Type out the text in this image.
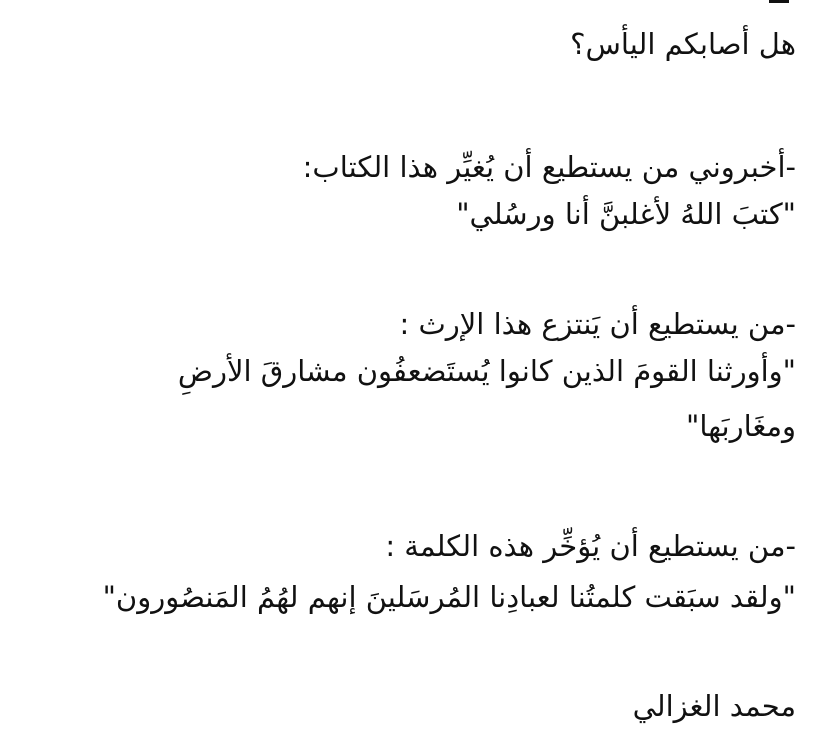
هل أصابكم اليأس؟
-أخبروني من يستطيع أن يُغيِّر هذا الكتاب:
"كتبَ اللهُ لأغلبنَّ أنا ورسُلي"
-من يستطيع أن يَنتزع هذا الإرث :
"وأورثنا القومَ الذين كانوا يُستَضعفُون مشارقَ الأرضِ
ومغَاربَها"
-من يستطيع أن يُؤخِّر هذه الكلمة :
"ولقد سبَقت كلمتُنا لعبادِنا المُرسَلينَ إنهم لهُمُ المَنصُورون"
محمد الغزالي
